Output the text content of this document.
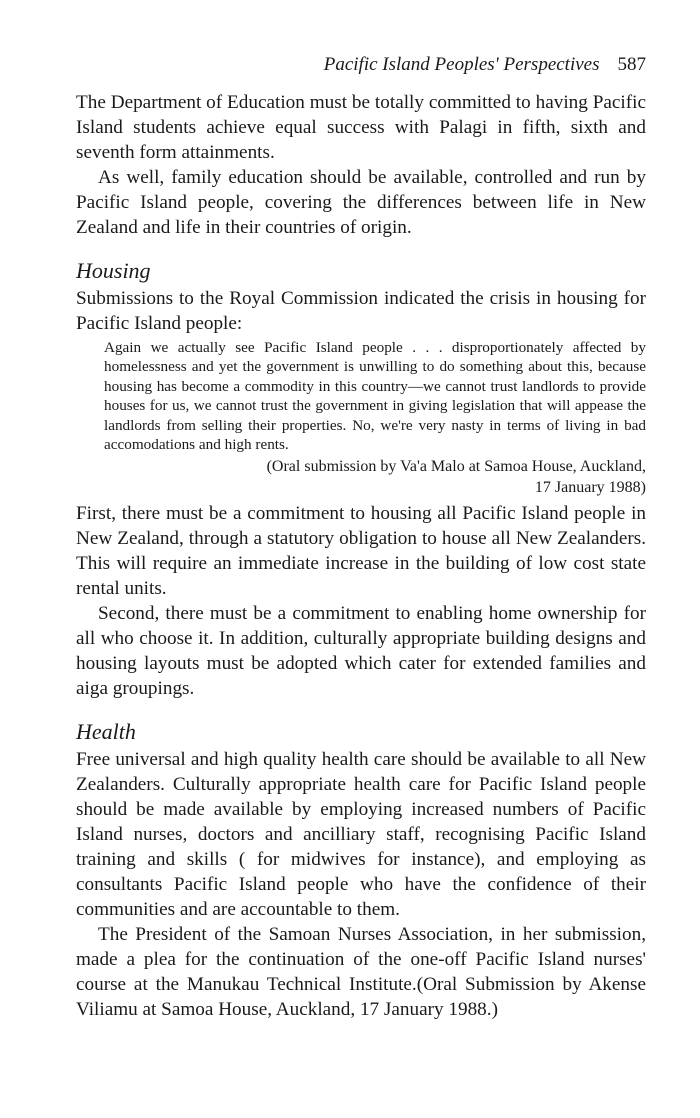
Pacific Island Peoples' Perspectives 587

The Department of Education must be totally committed to having Pacific Island students achieve equal success with Palagi in fifth, sixth and seventh form attainments.

As well, family education should be available, controlled and run by Pacific Island people, covering the differences between life in New Zealand and life in their countries of origin.

Housing

Submissions to the Royal Commission indicated the crisis in housing for Pacific Island people:

Again we actually see Pacific Island people . . . disproportionately affected by homelessness and yet the government is unwilling to do something about this, because housing has become a commodity in this country—we cannot trust landlords to provide houses for us, we cannot trust the government in giving legislation that will appease the landlords from selling their properties. No, we're very nasty in terms of living in bad accomodations and high rents.
(Oral submission by Va'a Malo at Samoa House, Auckland,
17 January 1988)

First, there must be a commitment to housing all Pacific Island people in New Zealand, through a statutory obligation to house all New Zealanders. This will require an immediate increase in the building of low cost state rental units.

Second, there must be a commitment to enabling home ownership for all who choose it. In addition, culturally appropriate building designs and housing layouts must be adopted which cater for extended families and aiga groupings.

Health

Free universal and high quality health care should be available to all New Zealanders. Culturally appropriate health care for Pacific Island people should be made available by employing increased numbers of Pacific Island nurses, doctors and ancilliary staff, recognising Pacific Island training and skills ( for midwives for instance), and employing as consultants Pacific Island people who have the confidence of their communities and are accountable to them.

The President of the Samoan Nurses Association, in her submission, made a plea for the continuation of the one-off Pacific Island nurses' course at the Manukau Technical Institute.(Oral Submission by Akense Viliamu at Samoa House, Auckland, 17 January 1988.)
